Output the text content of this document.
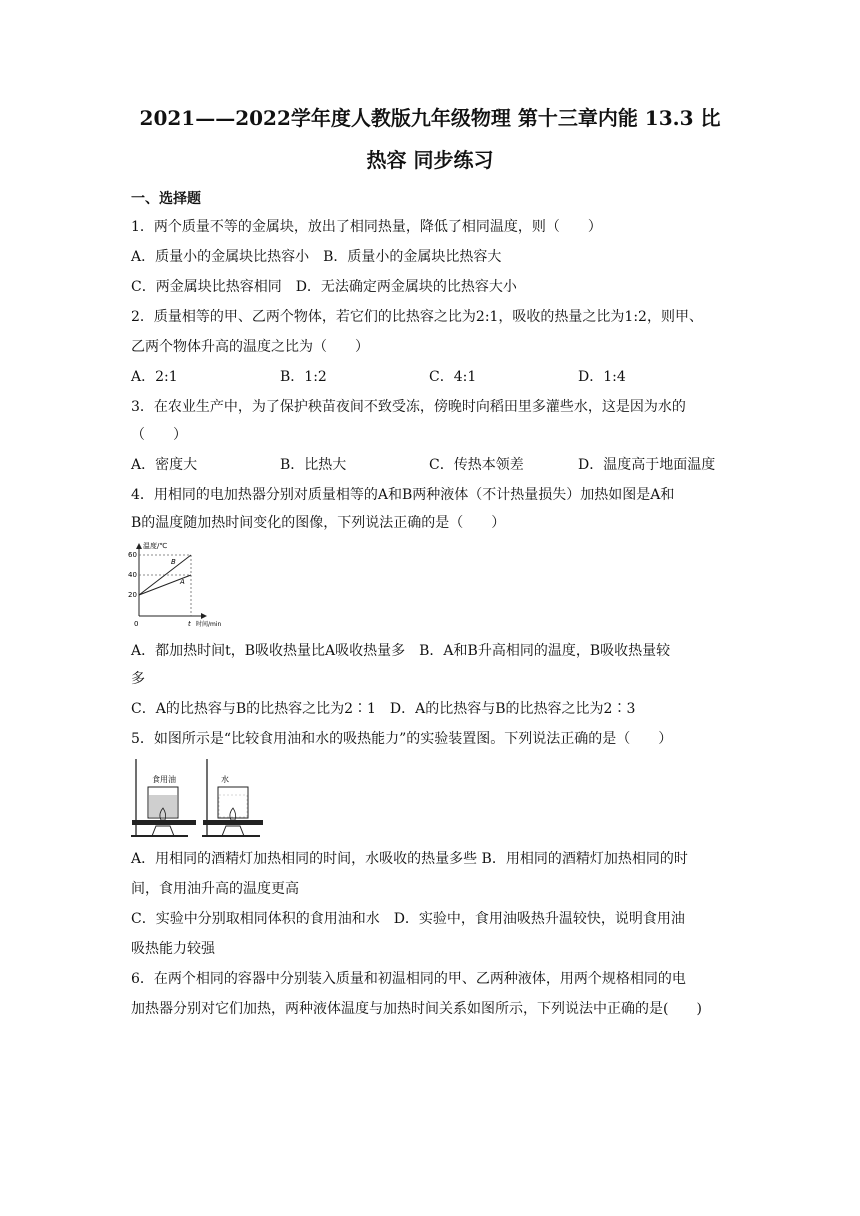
2021——2022学年度人教版九年级物理 第十三章内能 13.3 比
热容 同步练习
一、选择题
1．两个质量不等的金属块，放出了相同热量，降低了相同温度，则（　　）
A．质量小的金属块比热容小　B．质量小的金属块比热容大
C．两金属块比热容相同　D．无法确定两金属块的比热容大小
2．质量相等的甲、乙两个物体，若它们的比热容之比为2:1，吸收的热量之比为1:2，则甲、
乙两个物体升高的温度之比为（　　）
A．2:1	B．1:2	C．4:1	D．1:4
3．在农业生产中，为了保护秧苗夜间不致受冻，傍晚时向稻田里多灌些水，这是因为水的
（　　）
A．密度大	B．比热大	C．传热本领差	D．温度高于地面温度
4．用相同的电加热器分别对质量相等的A和B两种液体（不计热量损失）加热如图是A和
B的温度随加热时间变化的图像，下列说法正确的是（　　）
温度/℃
60
40
20
0	t 时间/min
B
A
A．都加热时间t，B吸收热量比A吸收热量多　B．A和B升高相同的温度，B吸收热量较
多
C．A的比热容与B的比热容之比为2∶1　D．A的比热容与B的比热容之比为2∶3
5．如图所示是“比较食用油和水的吸热能力”的实验装置图。下列说法正确的是（　　）
食用油	水
A．用相同的酒精灯加热相同的时间，水吸收的热量多些 B．用相同的酒精灯加热相同的时
间，食用油升高的温度更高
C．实验中分别取相同体积的食用油和水　D．实验中，食用油吸热升温较快，说明食用油
吸热能力较强
6．在两个相同的容器中分别装入质量和初温相同的甲、乙两种液体，用两个规格相同的电
加热器分别对它们加热，两种液体温度与加热时间关系如图所示，下列说法中正确的是(　　)
